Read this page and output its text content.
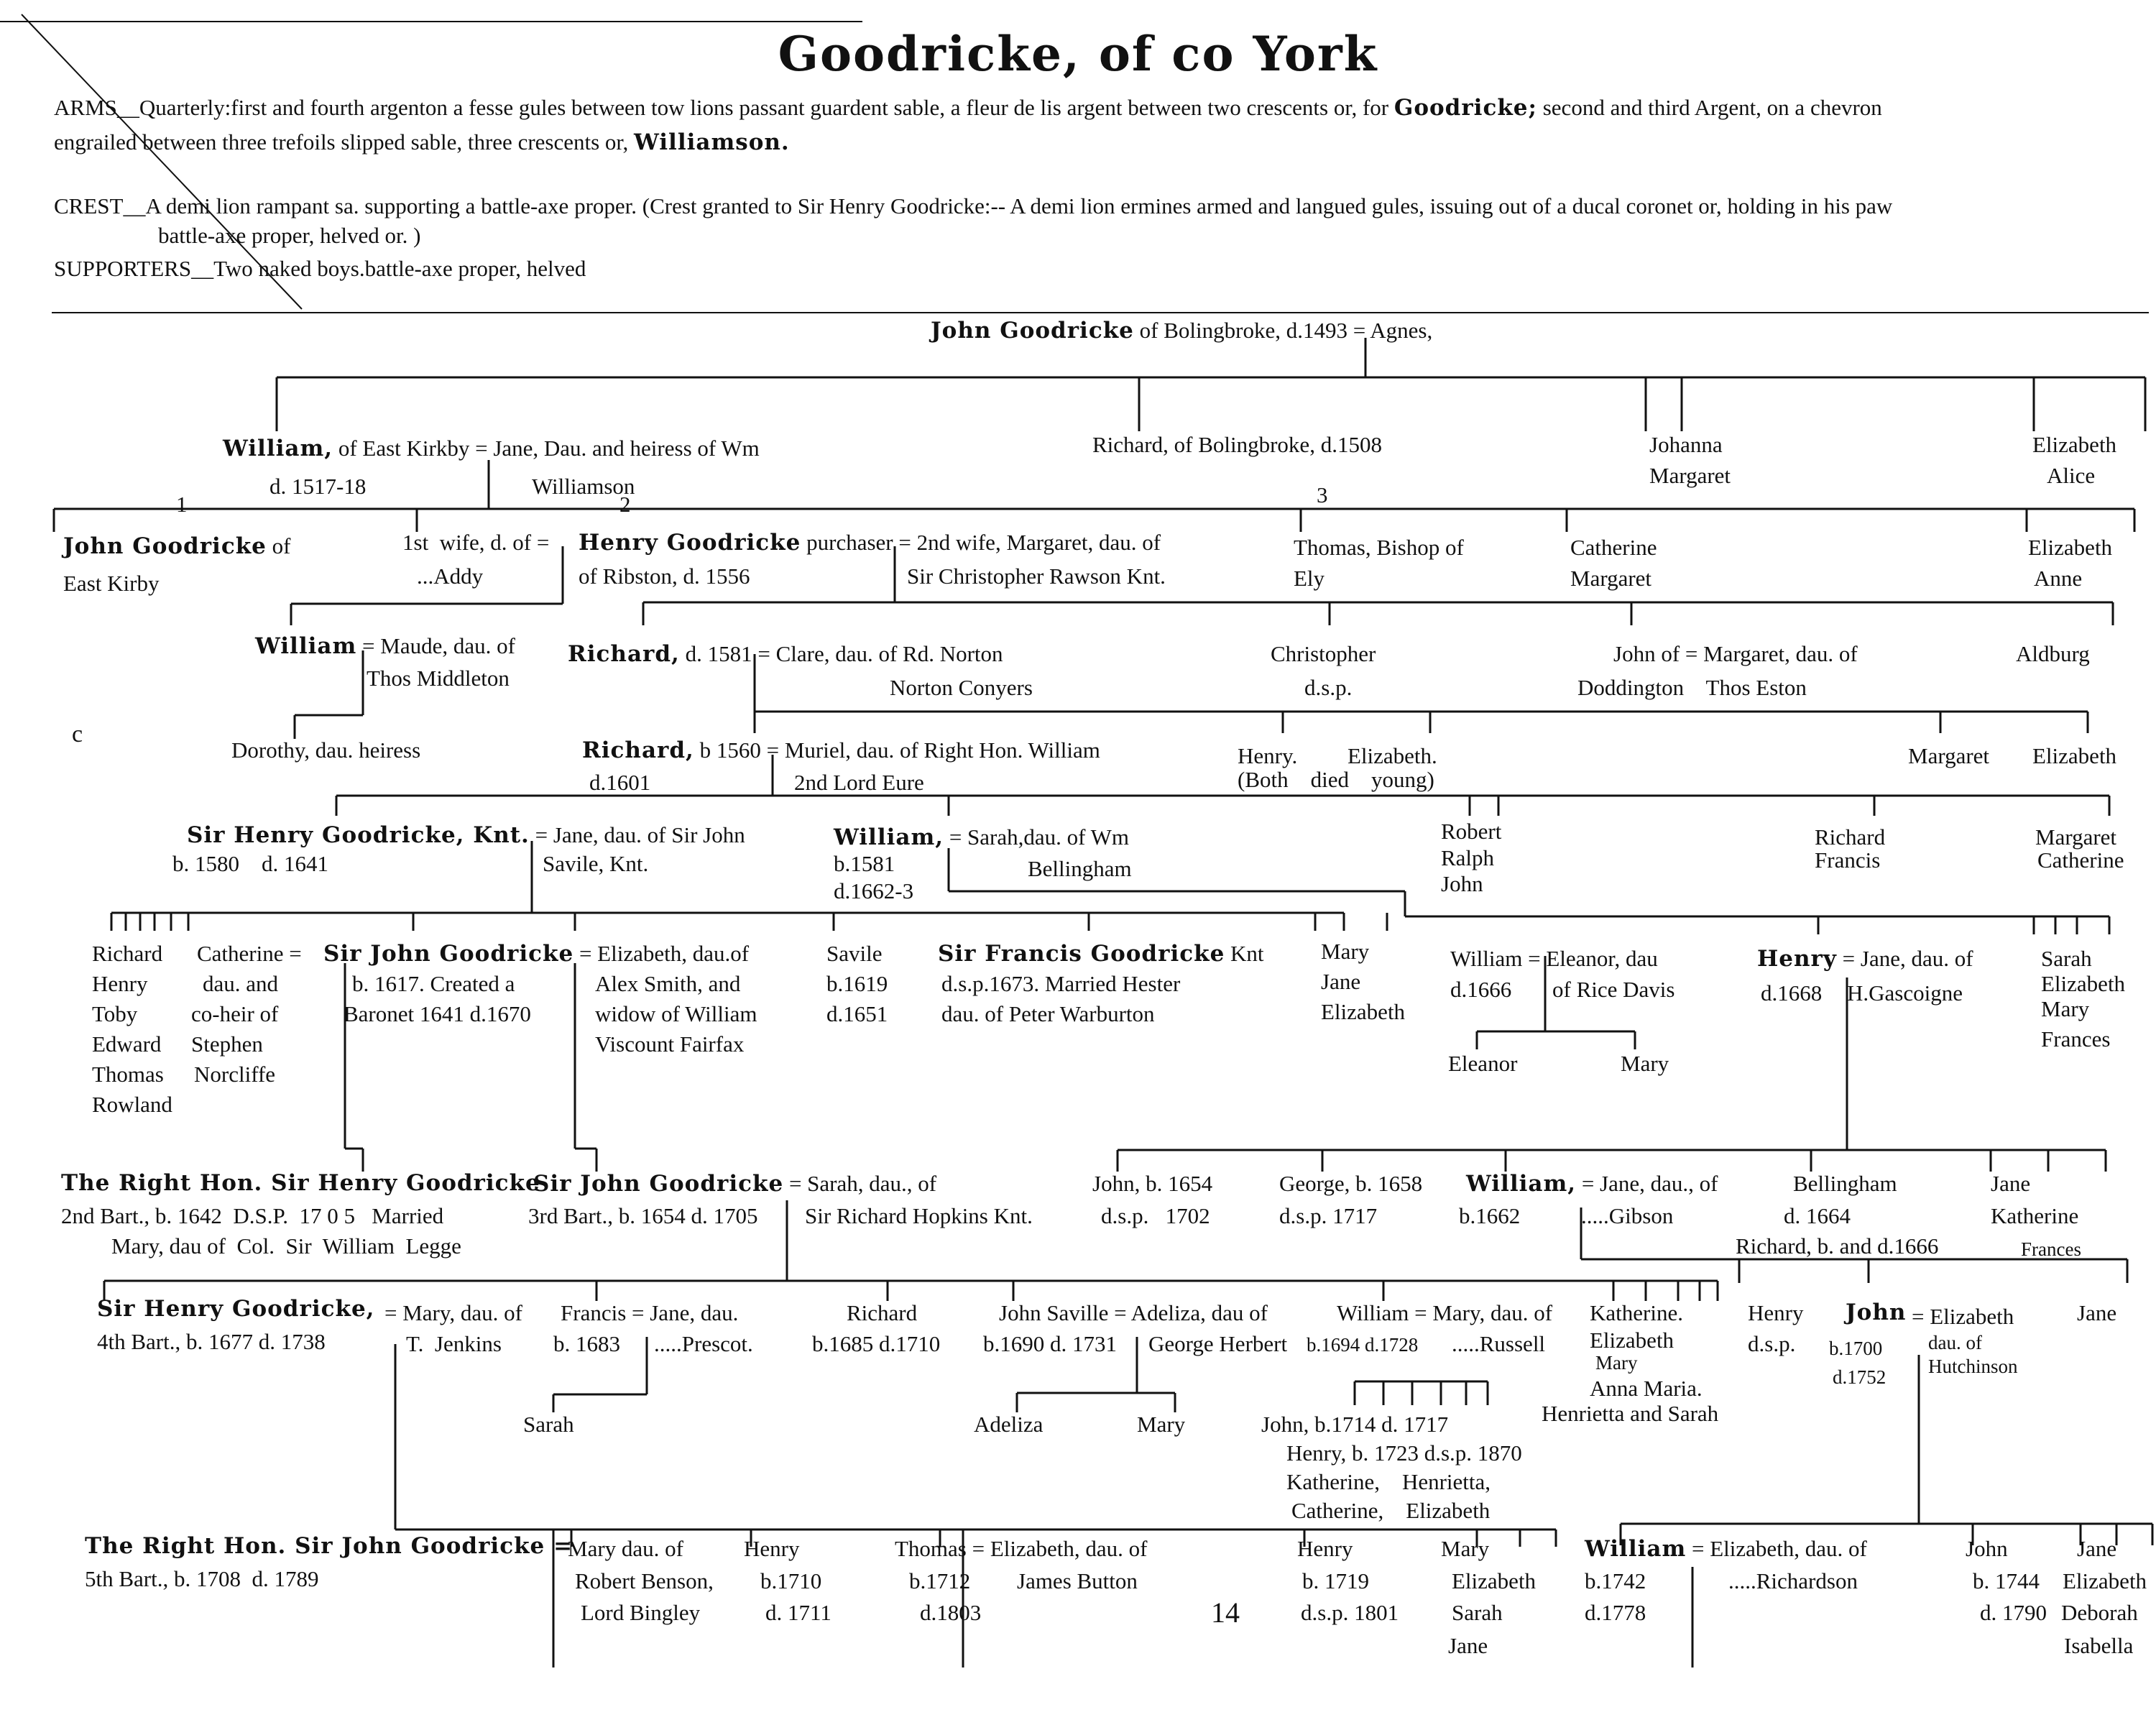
Goodricke, of co York
ARMS__Quarterly:first and fourth argenton a fesse gules between tow lions passant guardent sable, a fleur de lis argent between two crescents or, for Goodricke; second and third Argent, on a chevron
engrailed between three trefoils slipped sable, three crescents or, Williamson.
CREST__A demi lion rampant sa. supporting a battle-axe proper. (Crest granted to Sir Henry Goodricke:-- A demi lion ermines armed and langued gules, issuing out of a ducal coronet or, holding in his paw
battle-axe proper, helved or. )
SUPPORTERS__Two naked boys.battle-axe proper, helved
John Goodricke of Bolingbroke, d.1493 = Agnes,
William, of East Kirkby = Jane, Dau. and heiress of Wm
d. 1517-18	Williamson
Richard, of Bolingbroke, d.1508	Johanna
Margaret
Elizabeth
Alice
1	2	3
John Goodricke of
East Kirby
1st  wife, d. of =
...Addy
Henry Goodricke purchaser = 2nd wife, Margaret, dau. of
of Ribston, d. 1556	Sir Christopher Rawson Knt.
Thomas, Bishop of
Ely
Catherine
Margaret
Elizabeth
Anne
William = Maude, dau. of
Thos Middleton
Dorothy, dau. heiress
Richard, d. 1581 = Clare, dau. of Rd. Norton
Norton Conyers
Christopher
d.s.p.
John of = Margaret, dau. of
Doddington    Thos Eston
Aldburg
c
Richard, b 1560 = Muriel, dau. of Right Hon. William
d.1601	2nd Lord Eure
Henry.         Elizabeth.
(Both    died    young)
Margaret Elizabeth
Sir Henry Goodricke, Knt. = Jane, dau. of Sir John
b. 1580    d. 1641	Savile, Knt.
William, = Sarah,dau. of Wm
Bellingham
b.1581
d.1662-3
Robert
Ralph
John
Richard
Francis
Margaret
Catherine
Richard
Henry
Toby
Edward
Thomas
Rowland
Catherine =
dau. and
co-heir of
Stephen
Norcliffe
Sir John Goodricke = Elizabeth, dau.of
b. 1617. Created a
Baronet 1641 d.1670
Alex Smith, and
widow of William
Viscount Fairfax
Savile
b.1619
d.1651
Sir Francis Goodricke Knt
d.s.p.1673. Married Hester
dau. of Peter Warburton
Mary
Jane
Elizabeth
William = Eleanor, dau
d.1666 of Rice Davis
Eleanor	Mary
Henry = Jane, dau. of
d.1668 H.Gascoigne
Sarah
Elizabeth
Mary
Frances
The Right Hon. Sir Henry Goodricke
2nd Bart., b. 1642  D.S.P.  17 0 5   Married
Mary, dau of  Col.  Sir  William  Legge
Sir John Goodricke = Sarah, dau., of
3rd Bart., b. 1654 d. 1705 Sir Richard Hopkins Knt.
John, b. 1654
d.s.p.   1702
George, b. 1658
d.s.p. 1717
William, = Jane, dau., of
b.1662	.....Gibson
Bellingham
d. 1664
Richard, b. and d.1666
Jane
Katherine
Frances
Sir Henry Goodricke,
4th Bart., b. 1677 d. 1738
= Mary, dau. of
T.  Jenkins
Francis = Jane, dau.
b. 1683 .....Prescot.
Sarah
Richard
b.1685 d.1710
John Saville = Adeliza, dau of
b.1690 d. 1731 George Herbert
Adeliza	Mary
William = Mary, dau. of
b.1694 d.1728 .....Russell
John, b.1714 d. 1717
Henry, b. 1723 d.s.p. 1870
Katherine,    Henrietta,
Catherine,    Elizabeth
Katherine.
Elizabeth
Mary
Anna Maria.
Henrietta and Sarah
Henry
d.s.p.
John
b.1700
d.1752
= Elizabeth
dau. of
Hutchinson
Jane
The Right Hon. Sir John Goodricke =
5th Bart., b. 1708  d. 1789
Mary dau. of
Robert Benson,
Lord Bingley
Henry
b.1710
d. 1711
Thomas = Elizabeth, dau. of
b.1712 James Button
d.1803	14
Henry
b. 1719
d.s.p. 1801
Mary
Elizabeth
Sarah
Jane
William = Elizabeth, dau. of
b.1742	.....Richardson
d.1778
John
b. 1744
d. 1790
Jane
Elizabeth
Deborah
Isabella
